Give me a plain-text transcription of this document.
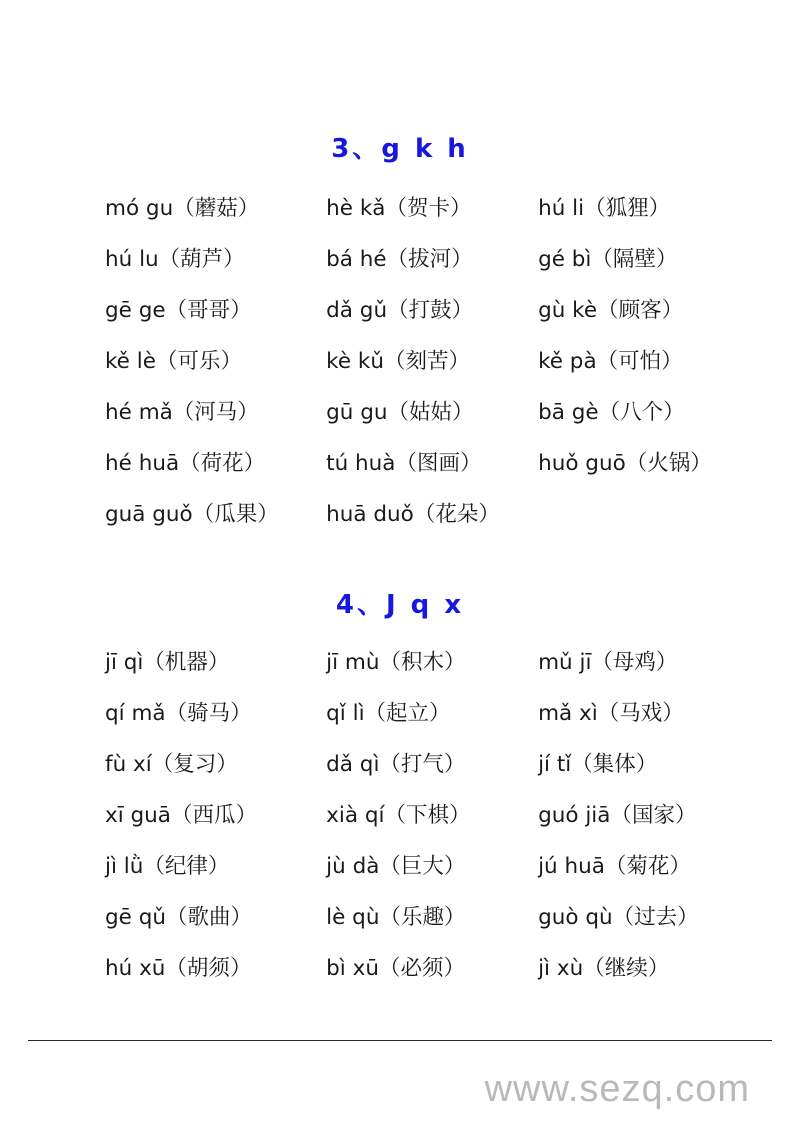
3、g k h
mó gu（蘑菇）	hè kǎ（贺卡）	hú li（狐狸）
hú lu（葫芦）	bá hé（拔河）	gé bì（隔壁）
gē ge（哥哥）	dǎ gǔ（打鼓）	gù kè（顾客）
kě lè（可乐）	kè kǔ（刻苦）	kě pà（可怕）
hé mǎ（河马）	gū gu（姑姑）	bā gè（八个）
hé huā（荷花）	tú huà（图画）	huǒ guō（火锅）
guā guǒ（瓜果）	huā duǒ（花朵）
4、J q x
jī qì（机器）	jī mù（积木）	mǔ jī（母鸡）
qí mǎ（骑马）	qǐ lì（起立）	mǎ xì（马戏）
fù xí（复习）	dǎ qì（打气）	jí tǐ（集体）
xī guā（西瓜）	xià qí（下棋）	guó jiā（国家）
jì lǜ（纪律）	jù dà（巨大）	jú huā（菊花）
gē qǔ（歌曲）	lè qù（乐趣）	guò qù（过去）
hú xū（胡须）	bì xū（必须）	jì xù（继续）
www.sezq.com
